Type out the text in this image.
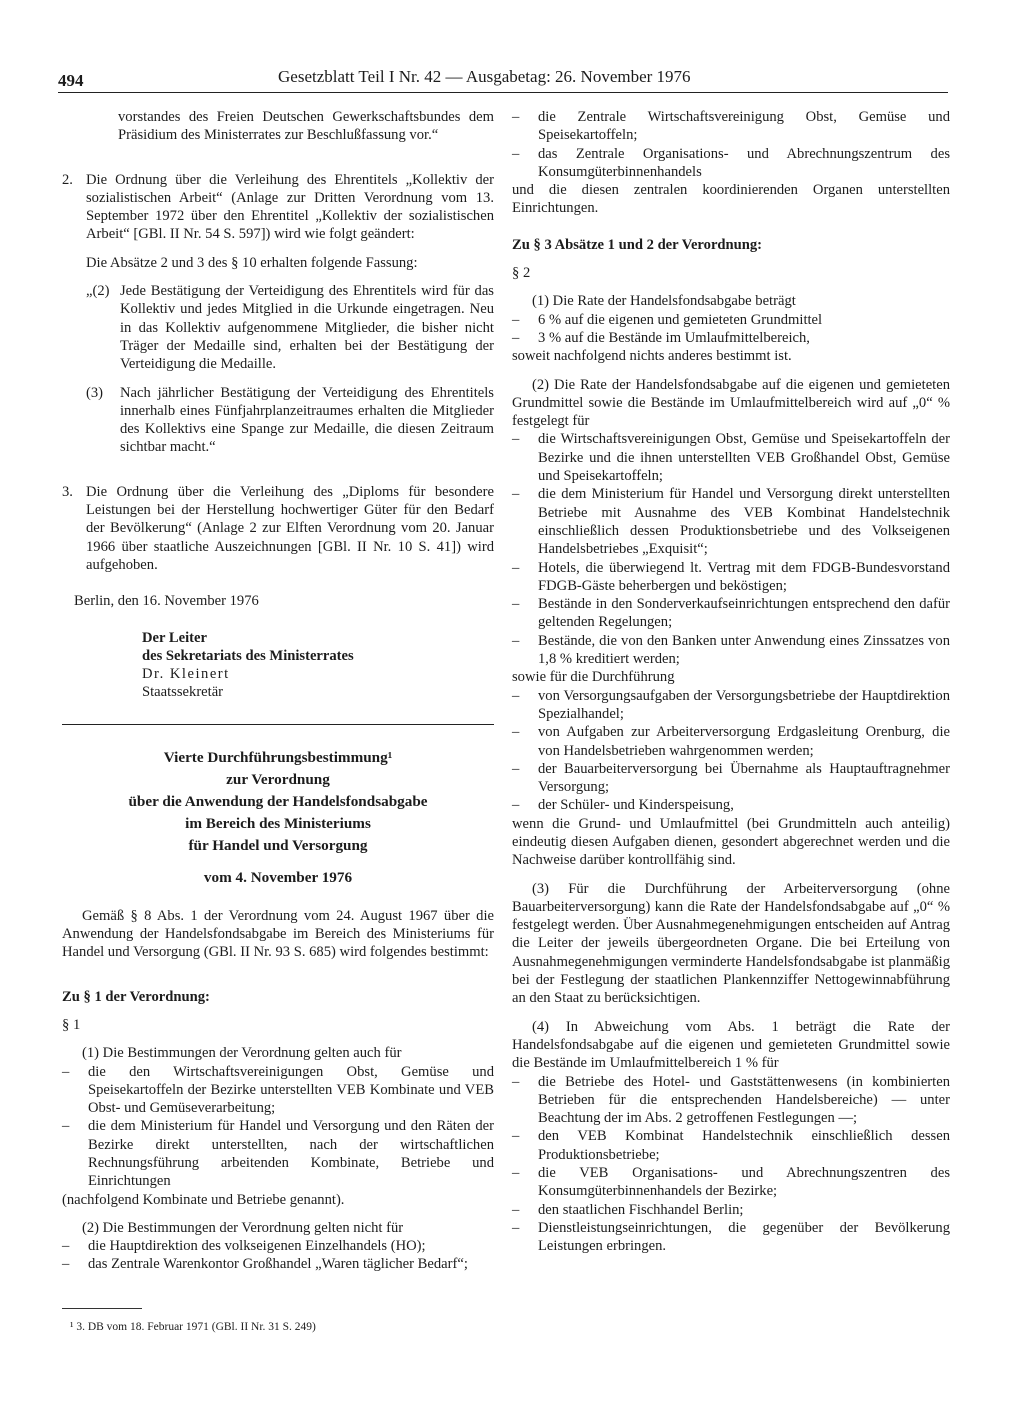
494	Gesetzblatt Teil I Nr. 42 — Ausgabetag: 26. November 1976

vorstandes des Freien Deutschen Gewerkschaftsbundes dem Präsidium des Ministerrates zur Beschlußfassung vor.“

2. Die Ordnung über die Verleihung des Ehrentitels „Kollektiv der sozialistischen Arbeit“ (Anlage zur Dritten Verordnung vom 13. September 1972 über den Ehrentitel „Kollektiv der sozialistischen Arbeit“ [GBl. II Nr. 54 S. 597]) wird wie folgt geändert:

Die Absätze 2 und 3 des § 10 erhalten folgende Fassung:

„(2) Jede Bestätigung der Verteidigung des Ehrentitels wird für das Kollektiv und jedes Mitglied in die Urkunde eingetragen. Neu in das Kollektiv aufgenommene Mitglieder, die bisher nicht Träger der Medaille sind, erhalten bei der Bestätigung der Verteidigung die Medaille.

(3) Nach jährlicher Bestätigung der Verteidigung des Ehrentitels innerhalb eines Fünfjahrplanzeitraumes erhalten die Mitglieder des Kollektivs eine Spange zur Medaille, die diesen Zeitraum sichtbar macht.“

3. Die Ordnung über die Verleihung des „Diploms für besondere Leistungen bei der Herstellung hochwertiger Güter für den Bedarf der Bevölkerung“ (Anlage 2 zur Elften Verordnung vom 20. Januar 1966 über staatliche Auszeichnungen [GBl. II Nr. 10 S. 41]) wird aufgehoben.

Berlin, den 16. November 1976

Der Leiter

des Sekretariats des Ministerrates

Dr. Kleinert

Staatssekretär

Vierte Durchführungsbestimmung¹
zur Verordnung
über die Anwendung der Handelsfondsabgabe
im Bereich des Ministeriums
für Handel und Versorgung
vom 4. November 1976

Gemäß § 8 Abs. 1 der Verordnung vom 24. August 1967 über die Anwendung der Handelsfondsabgabe im Bereich des Ministeriums für Handel und Versorgung (GBl. II Nr. 93 S. 685) wird folgendes bestimmt:

Zu § 1 der Verordnung:

§ 1

(1) Die Bestimmungen der Verordnung gelten auch für

– die den Wirtschaftsvereinigungen Obst, Gemüse und Speisekartoffeln der Bezirke unterstellten VEB Kombinate und VEB Obst- und Gemüseverarbeitung;

– die dem Ministerium für Handel und Versorgung und den Räten der Bezirke direkt unterstellten, nach der wirtschaftlichen Rechnungsführung arbeitenden Kombinate, Betriebe und Einrichtungen

(nachfolgend Kombinate und Betriebe genannt).

(2) Die Bestimmungen der Verordnung gelten nicht für

– die Hauptdirektion des volkseigenen Einzelhandels (HO);

– das Zentrale Warenkontor Großhandel „Waren täglicher Bedarf“;

– die Zentrale Wirtschaftsvereinigung Obst, Gemüse und Speisekartoffeln;

– das Zentrale Organisations- und Abrechnungszentrum des Konsumgüterbinnenhandels

und die diesen zentralen koordinierenden Organen unterstellten Einrichtungen.

Zu § 3 Absätze 1 und 2 der Verordnung:

§ 2

(1) Die Rate der Handelsfondsabgabe beträgt

– 6 % auf die eigenen und gemieteten Grundmittel

– 3 % auf die Bestände im Umlaufmittelbereich,

soweit nachfolgend nichts anderes bestimmt ist.

(2) Die Rate der Handelsfondsabgabe auf die eigenen und gemieteten Grundmittel sowie die Bestände im Umlaufmittelbereich wird auf „0“ % festgelegt für

– die Wirtschaftsvereinigungen Obst, Gemüse und Speisekartoffeln der Bezirke und die ihnen unterstellten VEB Großhandel Obst, Gemüse und Speisekartoffeln;

– die dem Ministerium für Handel und Versorgung direkt unterstellten Betriebe mit Ausnahme des VEB Kombinat Handelstechnik einschließlich dessen Produktionsbetriebe und des Volkseigenen Handelsbetriebes „Exquisit“;

– Hotels, die überwiegend lt. Vertrag mit dem FDGB-Bundesvorstand FDGB-Gäste beherbergen und beköstigen;

– Bestände in den Sonderverkaufseinrichtungen entsprechend den dafür geltenden Regelungen;

– Bestände, die von den Banken unter Anwendung eines Zinssatzes von 1,8 % kreditiert werden;

sowie für die Durchführung

– von Versorgungsaufgaben der Versorgungsbetriebe der Hauptdirektion Spezialhandel;

– von Aufgaben zur Arbeiterversorgung Erdgasleitung Orenburg, die von Handelsbetrieben wahrgenommen werden;

– der Bauarbeiterversorgung bei Übernahme als Hauptauftragnehmer Versorgung;

– der Schüler- und Kinderspeisung,

wenn die Grund- und Umlaufmittel (bei Grundmitteln auch anteilig) eindeutig diesen Aufgaben dienen, gesondert abgerechnet werden und die Nachweise darüber kontrollfähig sind.

(3) Für die Durchführung der Arbeiterversorgung (ohne Bauarbeiterversorgung) kann die Rate der Handelsfondsabgabe auf „0“ % festgelegt werden. Über Ausnahmegenehmigungen entscheiden auf Antrag die Leiter der jeweils übergeordneten Organe. Die bei Erteilung von Ausnahmegenehmigungen verminderte Handelsfondsabgabe ist planmäßig bei der Festlegung der staatlichen Plankennziffer Nettogewinnabführung an den Staat zu berücksichtigen.

(4) In Abweichung vom Abs. 1 beträgt die Rate der Handelsfondsabgabe auf die eigenen und gemieteten Grundmittel sowie die Bestände im Umlaufmittelbereich 1 % für

– die Betriebe des Hotel- und Gaststättenwesens (in kombinierten Betrieben für die entsprechenden Handelsbereiche) — unter Beachtung der im Abs. 2 getroffenen Festlegungen —;

– den VEB Kombinat Handelstechnik einschließlich dessen Produktionsbetriebe;

– die VEB Organisations- und Abrechnungszentren des Konsumgüterbinnenhandels der Bezirke;

– den staatlichen Fischhandel Berlin;

– Dienstleistungseinrichtungen, die gegenüber der Bevölkerung Leistungen erbringen.

¹ 3. DB vom 18. Februar 1971 (GBl. II Nr. 31 S. 249)
